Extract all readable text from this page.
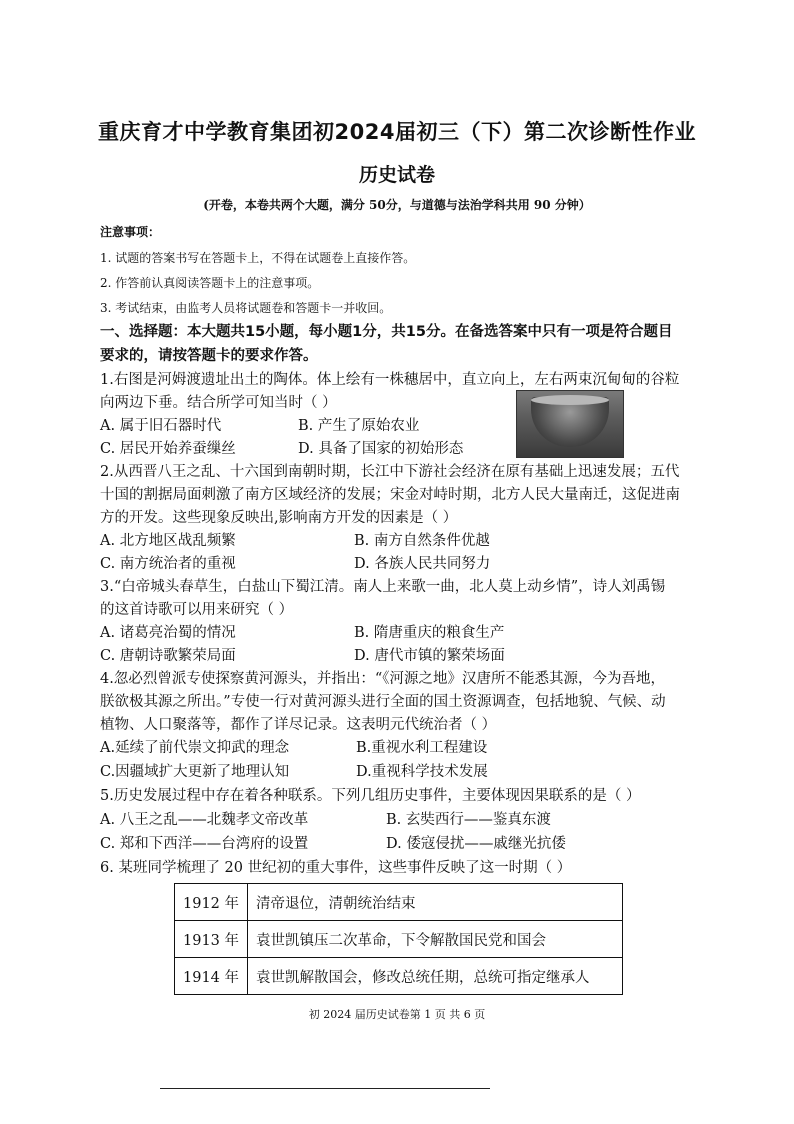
重庆育才中学教育集团初2024届初三（下）第二次诊断性作业
历史试卷
(开卷，本卷共两个大题，满分 50分，与道德与法治学科共用 90 分钟）
注意事项：
1. 试题的答案书写在答题卡上，不得在试题卷上直接作答。
2. 作答前认真阅读答题卡上的注意事项。
3. 考试结束，由监考人员将试题卷和答题卡一并收回。
一、选择题：本大题共15小题，每小题1分，共15分。在备选答案中只有一项是符合题目
要求的，请按答题卡的要求作答。
1.右图是河姆渡遗址出土的陶体。体上绘有一株穗居中，直立向上，左右两束沉甸甸的谷粒
向两边下垂。结合所学可知当时（ ）
A. 属于旧石器时代	B. 产生了原始农业
C. 居民开始养蚕缫丝	D. 具备了国家的初始形态
2.从西晋八王之乱、十六国到南朝时期，长江中下游社会经济在原有基础上迅速发展；五代
十国的割据局面刺激了南方区域经济的发展；宋金对峙时期，北方人民大量南迁，这促进南
方的开发。这些现象反映出,影响南方开发的因素是（ ）
A. 北方地区战乱频繁	B. 南方自然条件优越
C. 南方统治者的重视	D. 各族人民共同努力
3.“白帝城头春草生，白盐山下蜀江清。南人上来歌一曲，北人莫上动乡情”，诗人刘禹锡
的这首诗歌可以用来研究（ ）
A. 诸葛亮治蜀的情况	B. 隋唐重庆的粮食生产
C. 唐朝诗歌繁荣局面	D. 唐代市镇的繁荣场面
4.忽必烈曾派专使探察黄河源头，并指出：“《河源之地》汉唐所不能悉其源，今为吾地，
朕欲极其源之所出。”专使一行对黄河源头进行全面的国土资源调查，包括地貌、气候、动
植物、人口聚落等，都作了详尽记录。这表明元代统治者（ ）
A.延续了前代崇文抑武的理念	B.重视水利工程建设
C.因疆域扩大更新了地理认知	D.重视科学技术发展
5.历史发展过程中存在着各种联系。下列几组历史事件，主要体现因果联系的是（ ）
A. 八王之乱——北魏孝文帝改革	B. 玄奘西行——鉴真东渡
C. 郑和下西洋——台湾府的设置	D. 倭寇侵扰——戚继光抗倭
6. 某班同学梳理了 20 世纪初的重大事件，这些事件反映了这一时期（ ）
1912 年	清帝退位，清朝统治结束
1913 年	袁世凯镇压二次革命，下令解散国民党和国会
1914 年	袁世凯解散国会，修改总统任期，总统可指定继承人
初 2024 届历史试卷第 1 页 共 6 页
